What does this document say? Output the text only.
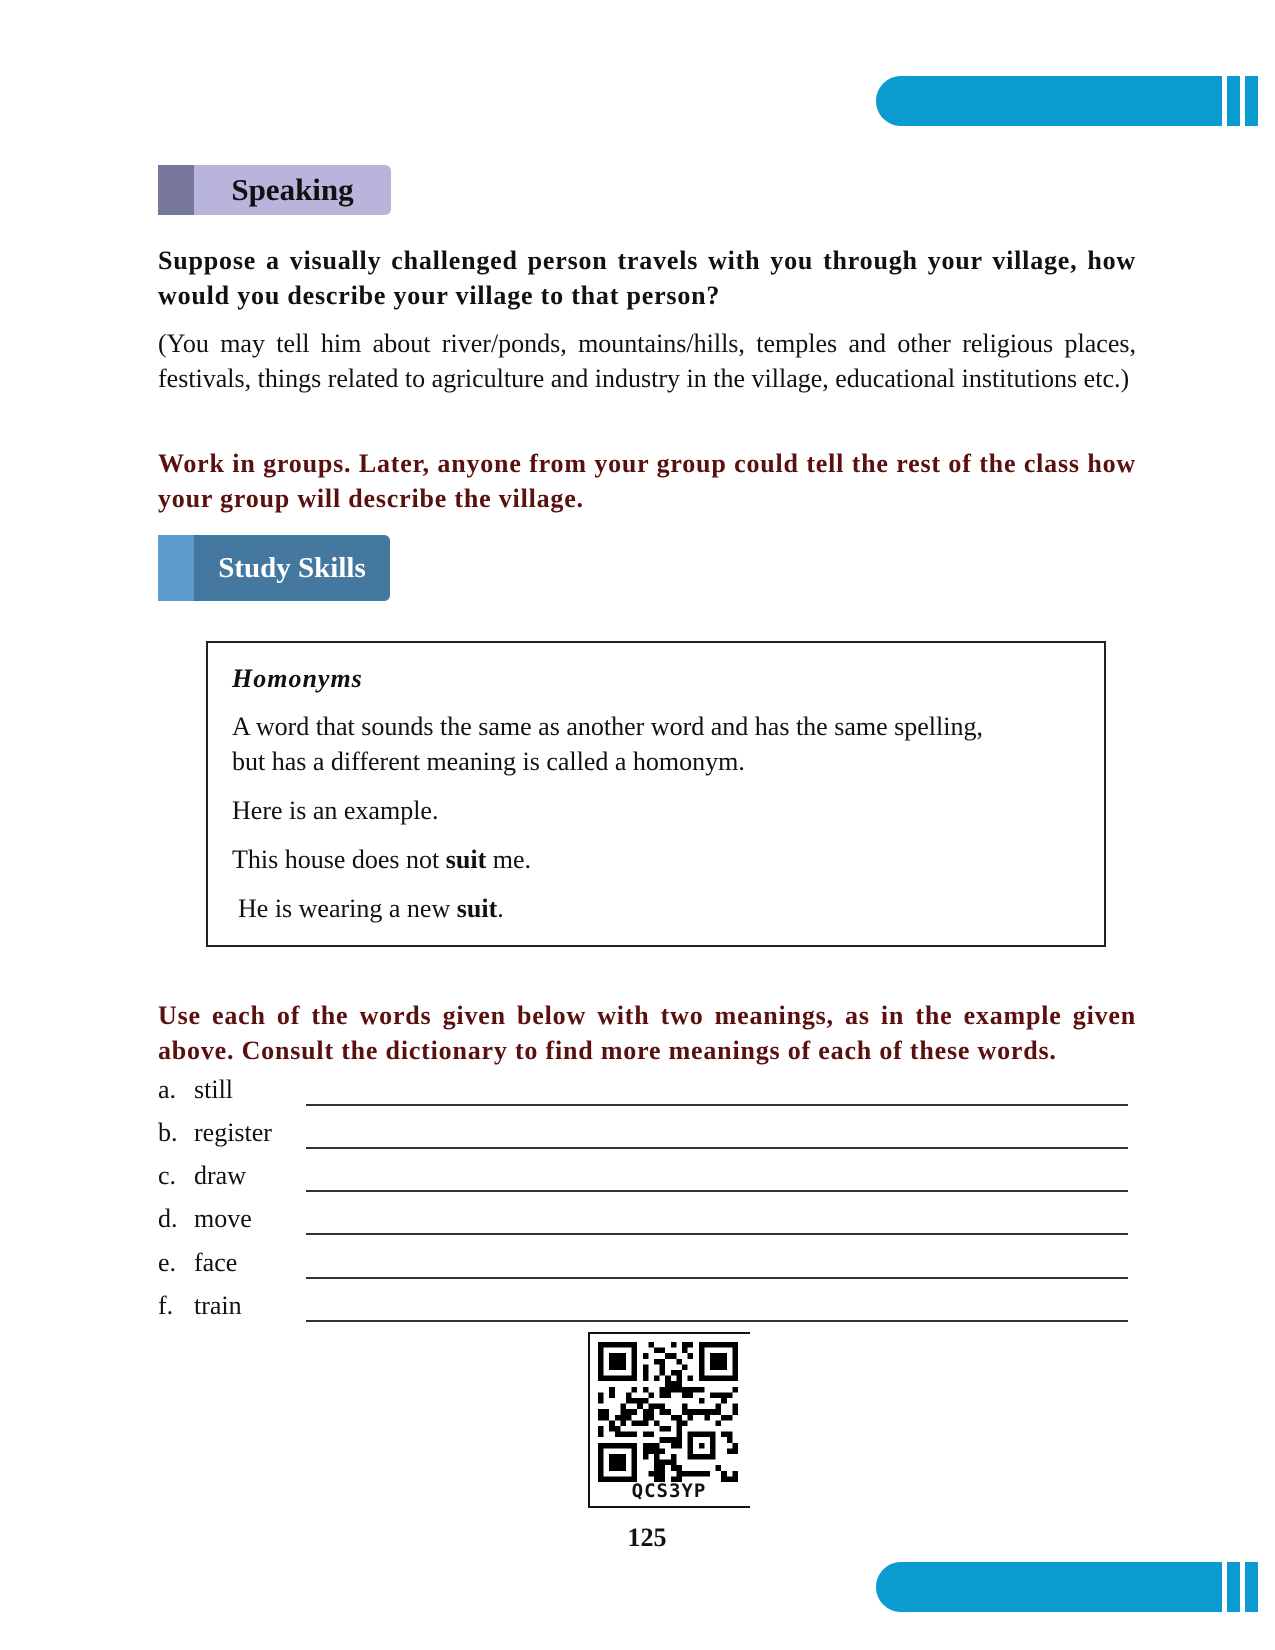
Speaking

Suppose a visually challenged person travels with you through your village, how would you describe your village to that person?

(You may tell him about river/ponds, mountains/hills, temples and other religious places, festivals, things related to agriculture and industry in the village, educational institutions etc.)

Work in groups. Later, anyone from your group could tell the rest of the class how your group will describe the village.

Study Skills
Homonyms
A word that sounds the same as another word and has the same spelling,
but has a different meaning is called a homonym.
Here is an example.
This house does not suit me.
He is wearing a new suit.

Use each of the words given below with two meanings, as in the example given above. Consult the dictionary to find more meanings of each of these words.

a. still
b. register
c. draw
d. move
e. face
f. train
QCS3YP
125
